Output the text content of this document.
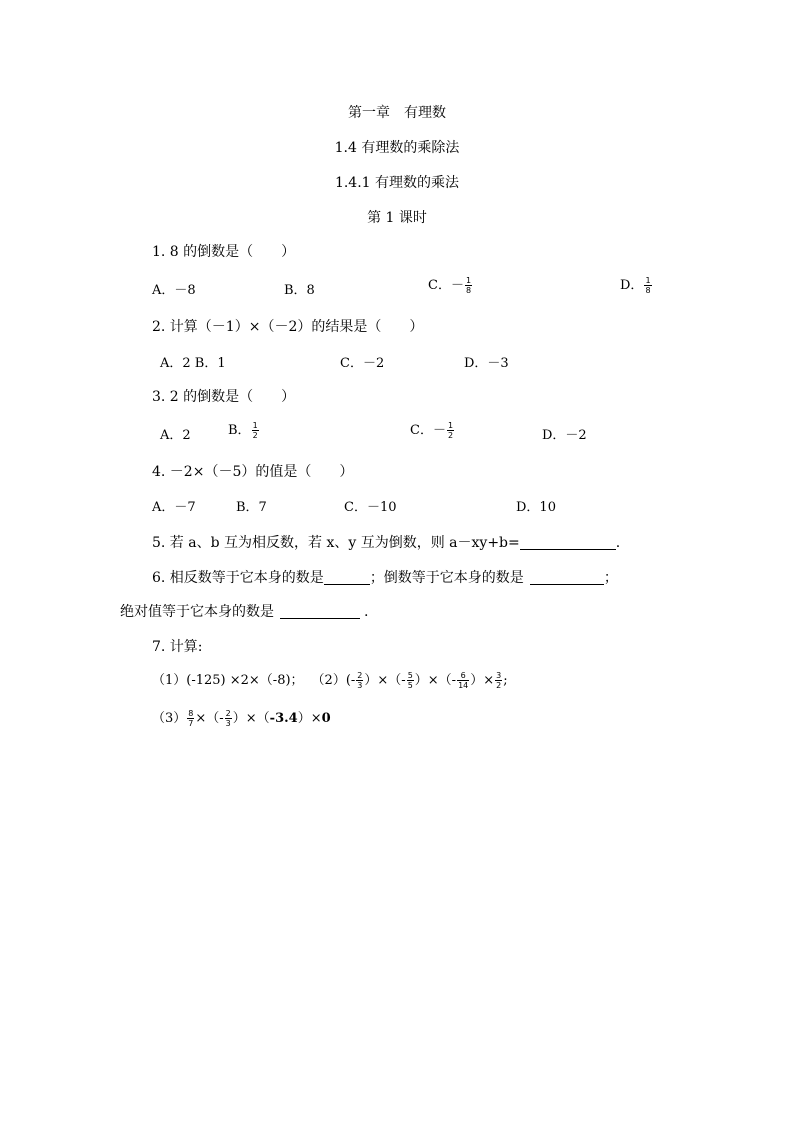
第一章　有理数
1.4 有理数的乘除法
1.4.1 有理数的乘法
第 1 课时
1. 8 的倒数是（　　）
A．－8	B．8	C．－ $\frac{1}{8}$	D． $\frac{1}{8}$
2. 计算（－1）×（－2）的结果是（　　）
A．2 B．1	C．－2	D．－3
3. 2 的倒数是（　　）
A．2	B． $\frac{1}{2}$	C．－ $\frac{1}{2}$	D．－2
4. －2×（－5）的值是（　　）
A．－7	B．7	C．－10	D．10
5. 若 a、b 互为相反数，若 x、y 互为倒数，则 a－xy+b=	.
6. 相反数等于它本身的数是	；倒数等于它本身的数是	；
绝对值等于它本身的数是	.
7. 计算:
（1）(-125) ×2×（-8)； $(2)(- \frac{2}{3}$ ）×（- $\frac{5}{5}$ ）×（- $\frac{6}{14}$ ）× $\frac{3}{2}$ ;
$(3) \frac{8}{7}$ ×（- $\frac{2}{3} )\times(-3.4)\times 0$
